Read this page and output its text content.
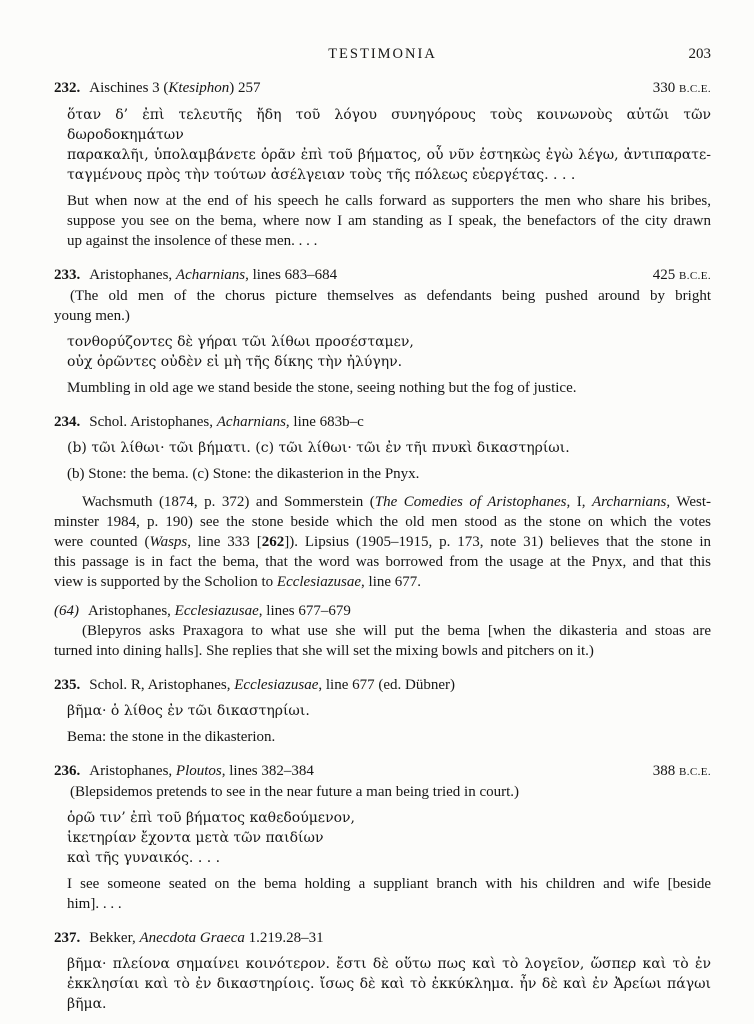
TESTIMONIA	203
232. Aischines 3 (Ktesiphon) 257	330 B.C.E.
ὅταν δ’ ἐπὶ τελευτῆς ἤδη τοῦ λόγου συνηγόρους τοὺς κοινωνοὺς αὑτῶι τῶν δωροδοκημάτων
παρακαλῆι, ὑπολαμβάνετε ὁρᾶν ἐπὶ τοῦ βήματος, οὗ νῦν ἑστηκὼς ἐγὼ λέγω, ἀντιπαρατε-
ταγμένους πρὸς τὴν τούτων ἀσέλγειαν τοὺς τῆς πόλεως εὐεργέτας. . . .
But when now at the end of his speech he calls forward as supporters the men who share his bribes,
suppose you see on the bema, where now I am standing as I speak, the benefactors of the city drawn
up against the insolence of these men. . . .
233. Aristophanes, Acharnians, lines 683–684	425 B.C.E.
(The old men of the chorus picture themselves as defendants being pushed around by bright
young men.)
τονθορύζοντες δὲ γήραι τῶι λίθωι προσέσταμεν,
οὐχ ὁρῶντες οὐδὲν εἰ μὴ τῆς δίκης τὴν ἠλύγην.
Mumbling in old age we stand beside the stone, seeing nothing but the fog of justice.
234. Schol. Aristophanes, Acharnians, line 683b–c
(b) τῶι λίθωι· τῶι βήματι. (c) τῶι λίθωι· τῶι ἐν τῆι πνυκὶ δικαστηρίωι.
(b) Stone: the bema. (c) Stone: the dikasterion in the Pnyx.
Wachsmuth (1874, p. 372) and Sommerstein (The Comedies of Aristophanes, I, Archarnians, West-
minster 1984, p. 190) see the stone beside which the old men stood as the stone on which the votes
were counted (Wasps, line 333 [262]). Lipsius (1905–1915, p. 173, note 31) believes that the stone in
this passage is in fact the bema, that the word was borrowed from the usage at the Pnyx, and that this
view is supported by the Scholion to Ecclesiazusae, line 677.
(64) Aristophanes, Ecclesiazusae, lines 677–679
(Blepyros asks Praxagora to what use she will put the bema [when the dikasteria and stoas are
turned into dining halls]. She replies that she will set the mixing bowls and pitchers on it.)
235. Schol. R, Aristophanes, Ecclesiazusae, line 677 (ed. Dübner)
βῆμα· ὁ λίθος ἐν τῶι δικαστηρίωι.
Bema: the stone in the dikasterion.
236. Aristophanes, Ploutos, lines 382–384	388 B.C.E.
(Blepsidemos pretends to see in the near future a man being tried in court.)
ὁρῶ τιν’ ἐπὶ τοῦ βήματος καθεδούμενον,
ἱκετηρίαν ἔχοντα μετὰ τῶν παιδίων
καὶ τῆς γυναικός. . . .
I see someone seated on the bema holding a suppliant branch with his children and wife [beside
him]. . . .
237. Bekker, Anecdota Graeca 1.219.28–31
βῆμα· πλείονα σημαίνει κοινότερον. ἔστι δὲ οὕτω πως καὶ τὸ λογεῖον, ὥσπερ καὶ τὸ ἐν
ἐκκλησίαι καὶ τὸ ἐν δικαστηρίοις. ἴσως δὲ καὶ τὸ ἐκκύκλημα. ἦν δὲ καὶ ἐν Ἀρείωι πάγωι
βῆμα.
